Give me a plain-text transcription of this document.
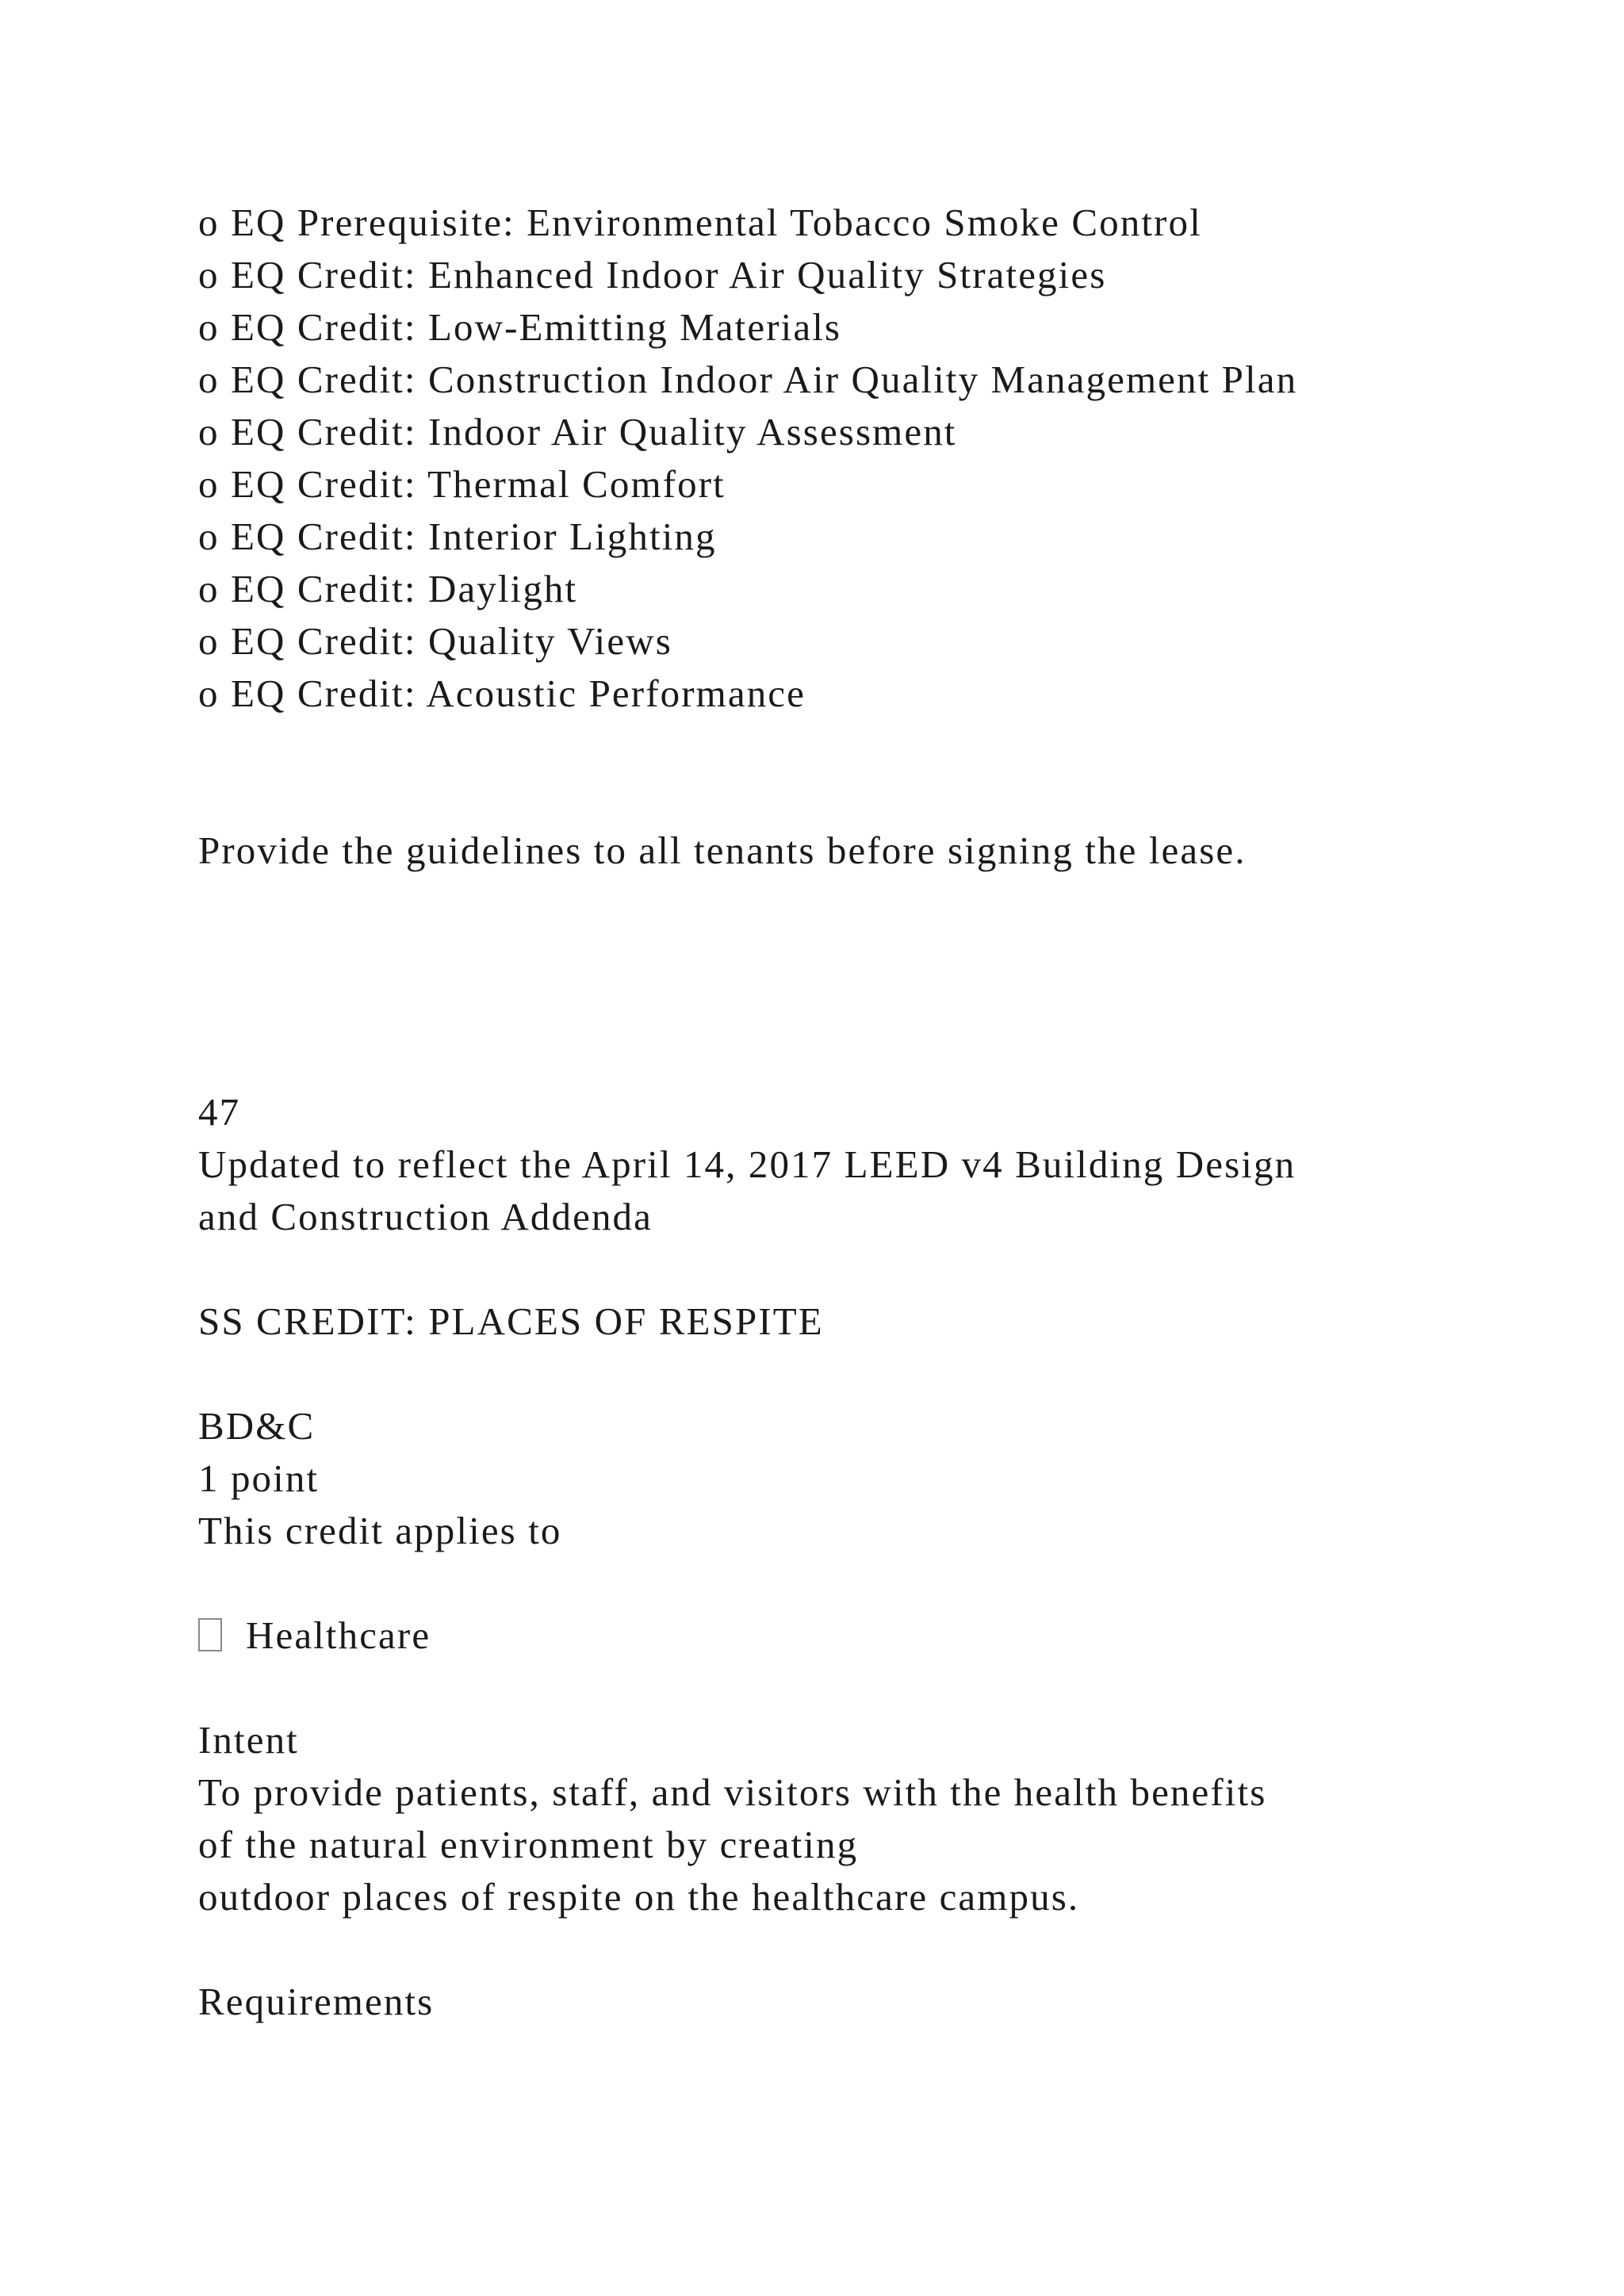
o EQ Prerequisite: Environmental Tobacco Smoke Control
o EQ Credit: Enhanced Indoor Air Quality Strategies
o EQ Credit: Low-Emitting Materials
o EQ Credit: Construction Indoor Air Quality Management Plan
o EQ Credit: Indoor Air Quality Assessment
o EQ Credit: Thermal Comfort
o EQ Credit: Interior Lighting
o EQ Credit: Daylight
o EQ Credit: Quality Views
o EQ Credit: Acoustic Performance
Provide the guidelines to all tenants before signing the lease.
47
Updated to reflect the April 14, 2017 LEED v4 Building Design
and Construction Addenda
SS CREDIT: PLACES OF RESPITE
BD&C
1 point
This credit applies to
Healthcare
Intent
To provide patients, staff, and visitors with the health benefits
of the natural environment by creating
outdoor places of respite on the healthcare campus.
Requirements
